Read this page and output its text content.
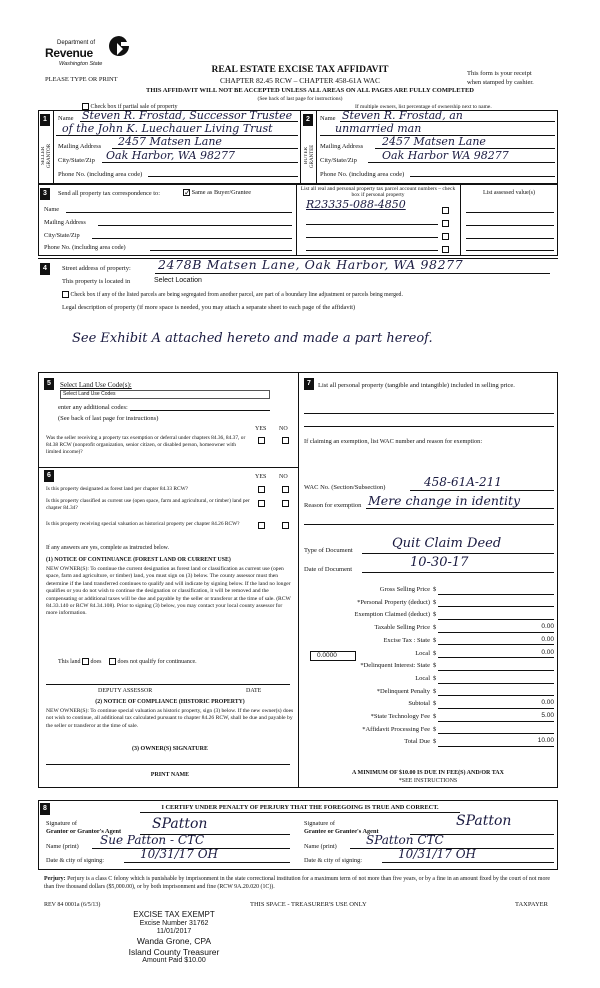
Department of
Revenue
Washington State
PLEASE TYPE OR PRINT
REAL ESTATE EXCISE TAX AFFIDAVIT
CHAPTER 82.45 RCW – CHAPTER 458-61A WAC
THIS AFFIDAVIT WILL NOT BE ACCEPTED UNLESS ALL AREAS ON ALL PAGES ARE FULLY COMPLETED
(See back of last page for instructions)
This form is your receipt
when stamped by cashier.
Check box if partial sale of property	If multiple owners, list percentage of ownership next to name.
1
SELLER GRANTOR
Name Steven R. Frostad, Successor Trustee
of the John K. Luechauer Living Trust
Mailing Address 2457 Matsen Lane
City/State/Zip Oak Harbor, WA 98277
Phone No. (including area code)
2
BUYER GRANTEE
Name Steven R. Frostad, an
unmarried man
Mailing Address 2457 Matsen Lane
City/State/Zip Oak Harbor WA 98277
Phone No. (including area code)
3	Send all property tax correspondence to:	✓ Same as Buyer/Grantee
Name
Mailing Address
City/State/Zip
Phone No. (including area code)
List all real and personal property tax parcel account numbers – check box if personal property
R23335-088-4850
List assessed value(s)
4	Street address of property: 2478B Matsen Lane, Oak Harbor, WA 98277
This property is located in	Select Location
Check box if any of the listed parcels are being segregated from another parcel, are part of a boundary line adjustment or parcels being merged.
Legal description of property (if more space is needed, you may attach a separate sheet to each page of the affidavit)
See Exhibit A attached hereto and made a part hereof.
5	Select Land Use Code(s):
Select Land Use Codes
enter any additional codes:
(See back of last page for instructions)
YES NO
Was the seller receiving a property tax exemption or deferral under chapters 84.36, 84.37, or 84.38 RCW (nonprofit organization, senior citizen, or disabled person, homeowner with limited income)?
6	YES NO
Is this property designated as forest land per chapter 84.33 RCW?
Is this property classified as current use (open space, farm and agricultural, or timber) land per chapter 84.34?
Is this property receiving special valuation as historical property per chapter 84.26 RCW?
If any answers are yes, complete as instructed below.
(1) NOTICE OF CONTINUANCE (FOREST LAND OR CURRENT USE)
NEW OWNER(S): To continue the current designation as forest land or classification as current use (open space, farm and agriculture, or timber) land, you must sign on (3) below. The county assessor must then determine if the land transferred continues to qualify and will indicate by signing below. If the land no longer qualifies or you do not wish to continue the designation or classification, it will be removed and the compensating or additional taxes will be due and payable by the seller or transferor at the time of sale. (RCW 84.33.140 or RCW 84.34.108). Prior to signing (3) below, you may contact your local county assessor for more information.
This land does	does not qualify for continuance.
DEPUTY ASSESSOR	DATE
(2) NOTICE OF COMPLIANCE (HISTORIC PROPERTY)
NEW OWNER(S): To continue special valuation as historic property, sign (3) below. If the new owner(s) does not wish to continue, all additional tax calculated pursuant to chapter 84.26 RCW, shall be due and payable by the seller or transferor at the time of sale.
(3) OWNER(S) SIGNATURE
PRINT NAME
7	List all personal property (tangible and intangible) included in selling price.
If claiming an exemption, list WAC number and reason for exemption:
WAC No. (Section/Subsection)	458-61A-211
Reason for exemption Mere change in identity
Type of Document	Quit Claim Deed
Date of Document	10-30-17
0.0000
Gross Selling Price $
*Personal Property (deduct) $
Exemption Claimed (deduct) $
Taxable Selling Price $	0.00
Excise Tax : State $	0.00
Local $	0.00
*Delinquent Interest: State $
Local $
*Delinquent Penalty $
Subtotal $	0.00
*State Technology Fee $	5.00
*Affidavit Processing Fee $
Total Due $	10.00
A MINIMUM OF $10.00 IS DUE IN FEE(S) AND/OR TAX
*SEE INSTRUCTIONS
8	I CERTIFY UNDER PENALTY OF PERJURY THAT THE FOREGOING IS TRUE AND CORRECT.
Signature of
Grantor or Grantor's Agent SPatton
Name (print) Sue Patton - CTC
Date & city of signing:	10/31/17 OH
Signature of
Grantee or Grantee's Agent
SPatton
Name (print) SPatton CTC
Date & city of signing:	10/31/17 OH
Perjury: Perjury is a class C felony which is punishable by imprisonment in the state correctional institution for a maximum term of not more than five years, or by a fine in an amount fixed by the court of not more than five thousand dollars ($5,000.00), or by both imprisonment and fine (RCW 9A.20.020 (1C)).
REV 84 0001a (6/5/13)	THIS SPACE - TREASURER'S USE ONLY	TAXPAYER
EXCISE TAX EXEMPT
Excise Number 31762
11/01/2017
Wanda Grone, CPA
Island County Treasurer
Amount Paid $10.00
